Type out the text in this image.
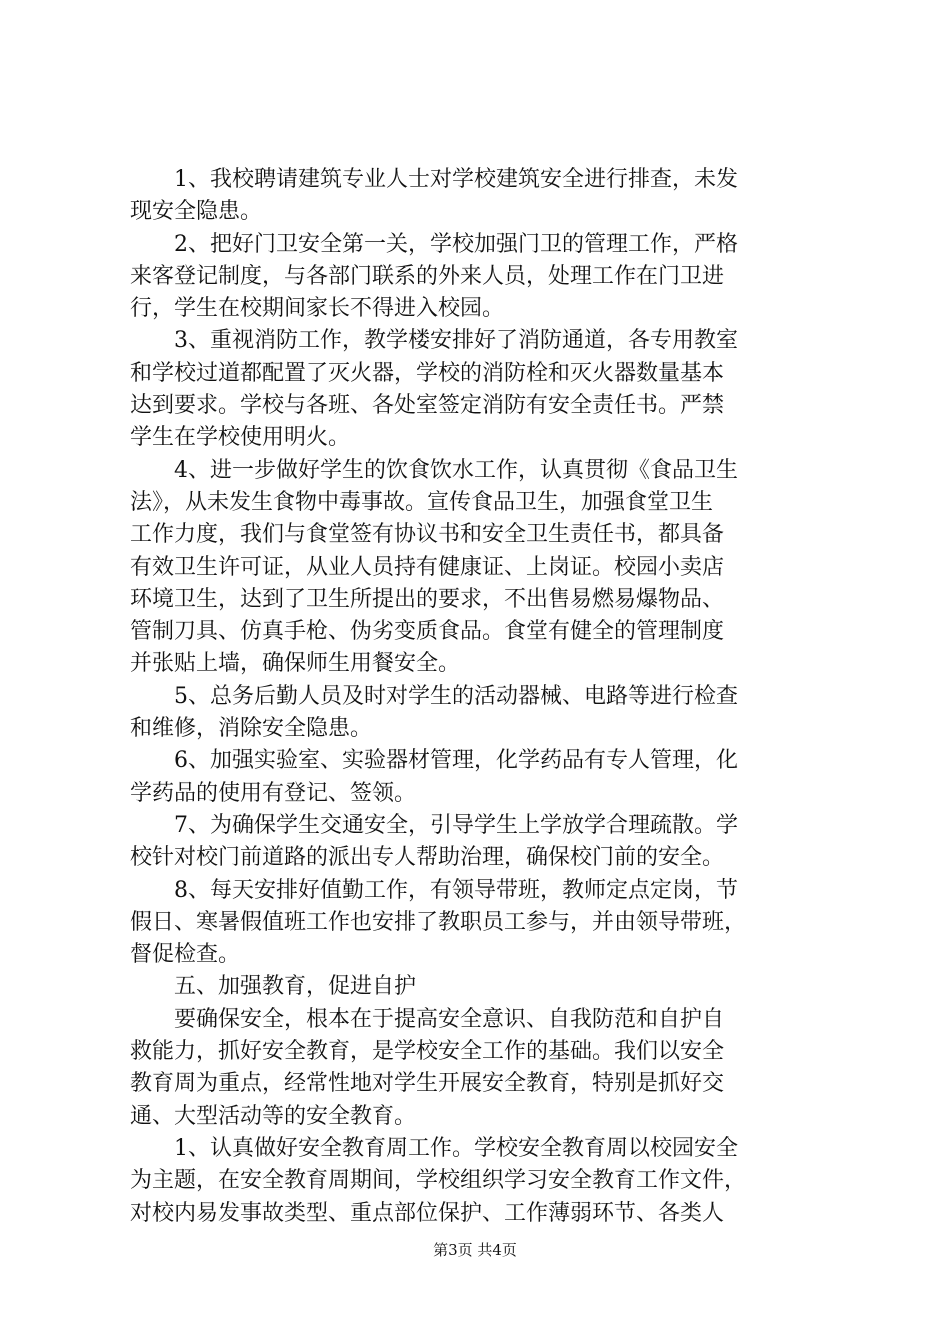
　　1、我校聘请建筑专业人士对学校建筑安全进行排查，未发
现安全隐患。
　　2、把好门卫安全第一关，学校加强门卫的管理工作，严格
来客登记制度，与各部门联系的外来人员，处理工作在门卫进
行，学生在校期间家长不得进入校园。
　　3、重视消防工作，教学楼安排好了消防通道，各专用教室
和学校过道都配置了灭火器，学校的消防栓和灭火器数量基本
达到要求。学校与各班、各处室签定消防有安全责任书。严禁
学生在学校使用明火。
　　4、进一步做好学生的饮食饮水工作，认真贯彻《食品卫生
法》，从未发生食物中毒事故。宣传食品卫生，加强食堂卫生
工作力度，我们与食堂签有协议书和安全卫生责任书，都具备
有效卫生许可证，从业人员持有健康证、上岗证。校园小卖店
环境卫生，达到了卫生所提出的要求，不出售易燃易爆物品、
管制刀具、仿真手枪、伪劣变质食品。食堂有健全的管理制度
并张贴上墙，确保师生用餐安全。
　　5、总务后勤人员及时对学生的活动器械、电路等进行检查
和维修，消除安全隐患。
　　6、加强实验室、实验器材管理，化学药品有专人管理，化
学药品的使用有登记、签领。
　　7、为确保学生交通安全，引导学生上学放学合理疏散。学
校针对校门前道路的派出专人帮助治理，确保校门前的安全。
　　8、每天安排好值勤工作，有领导带班，教师定点定岗，节
假日、寒暑假值班工作也安排了教职员工参与，并由领导带班，
督促检查。
　　五、加强教育，促进自护
　　要确保安全，根本在于提高安全意识、自我防范和自护自
救能力，抓好安全教育，是学校安全工作的基础。我们以安全
教育周为重点，经常性地对学生开展安全教育，特别是抓好交
通、大型活动等的安全教育。
　　1、认真做好安全教育周工作。学校安全教育周以校园安全
为主题，在安全教育周期间，学校组织学习安全教育工作文件，
对校内易发事故类型、重点部位保护、工作薄弱环节、各类人
第3页 共4页
